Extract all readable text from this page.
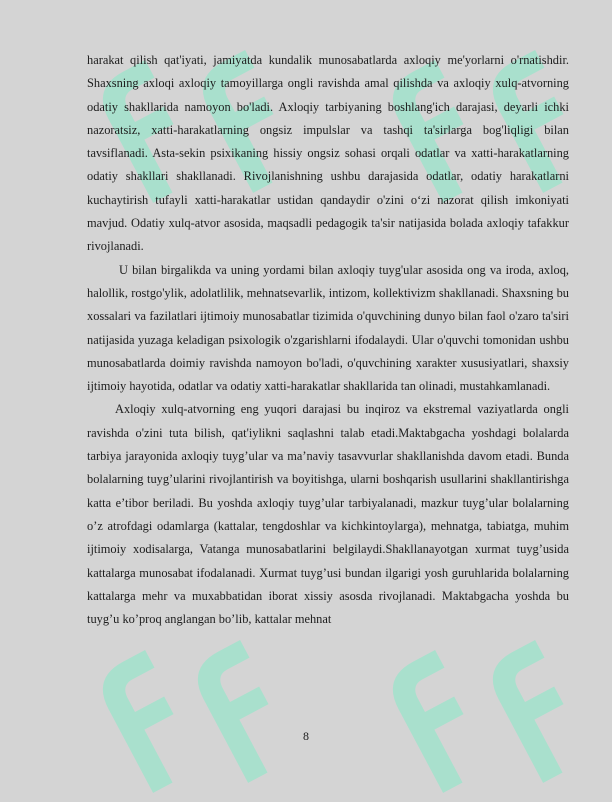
harakat qilish qat'iyati, jamiyatda kundalik munosabatlarda axloqiy me'yorlarni o'rnatishdir. Shaxsning axloqi axloqiy tamoyillarga ongli ravishda amal qilishda va axloqiy xulq-atvorning odatiy shakllarida namoyon bo'ladi. Axloqiy tarbiyaning boshlang'ich darajasi, deyarli ichki nazoratsiz, xatti-harakatlarning ongsiz impulslar va tashqi ta'sirlarga bog'liqligi bilan tavsiflanadi. Asta-sekin psixikaning hissiy ongsiz sohasi orqali odatlar va xatti-harakatlarning odatiy shakllari shakllanadi. Rivojlanishning ushbu darajasida odatlar, odatiy harakatlarni kuchaytirish tufayli xatti-harakatlar ustidan qandaydir o'zini o‘zi nazorat qilish imkoniyati mavjud. Odatiy xulq-atvor asosida, maqsadli pedagogik ta'sir natijasida bolada axloqiy tafakkur rivojlanadi.

U bilan birgalikda va uning yordami bilan axloqiy tuyg'ular asosida ong va iroda, axloq, halollik, rostgo'ylik, adolatlilik, mehnatsevarlik, intizom, kollektivizm shakllanadi. Shaxsning bu xossalari va fazilatlari ijtimoiy munosabatlar tizimida o'quvchining dunyo bilan faol o'zaro ta'siri natijasida yuzaga keladigan psixologik o'zgarishlarni ifodalaydi. Ular o'quvchi tomonidan ushbu munosabatlarda doimiy ravishda namoyon bo'ladi, o'quvchining xarakter xususiyatlari, shaxsiy ijtimoiy hayotida, odatlar va odatiy xatti-harakatlar shakllarida tan olinadi, mustahkamlanadi.

Axloqiy xulq-atvorning eng yuqori darajasi bu inqiroz va ekstremal vaziyatlarda ongli ravishda o'zini tuta bilish, qat'iylikni saqlashni talab etadi.Maktabgacha yoshdagi bolalarda tarbiya jarayonida axloqiy tuyg’ular va ma’naviy tasavvurlar shakllanishda davom etadi. Bunda bolalarning tuyg’ularini rivojlantirish va boyitishga, ularni boshqarish usullarini shakllantirishga katta e’tibor beriladi. Bu yoshda axloqiy tuyg’ular tarbiyalanadi, mazkur tuyg’ular bolalarning o’z atrofdagi odamlarga (kattalar, tengdoshlar va kichkintoylarga), mehnatga, tabiatga, muhim ijtimoiy xodisalarga, Vatanga munosabatlarini belgilaydi.Shakllanayotgan xurmat tuyg’usida kattalarga munosabat ifodalanadi. Xurmat tuyg’usi bundan ilgarigi yosh guruhlarida bolalarning kattalarga mehr va muxabbatidan iborat xissiy asosda rivojlanadi. Maktabgacha yoshda bu tuyg’u ko’proq anglangan bo’lib, kattalar mehnat

8
